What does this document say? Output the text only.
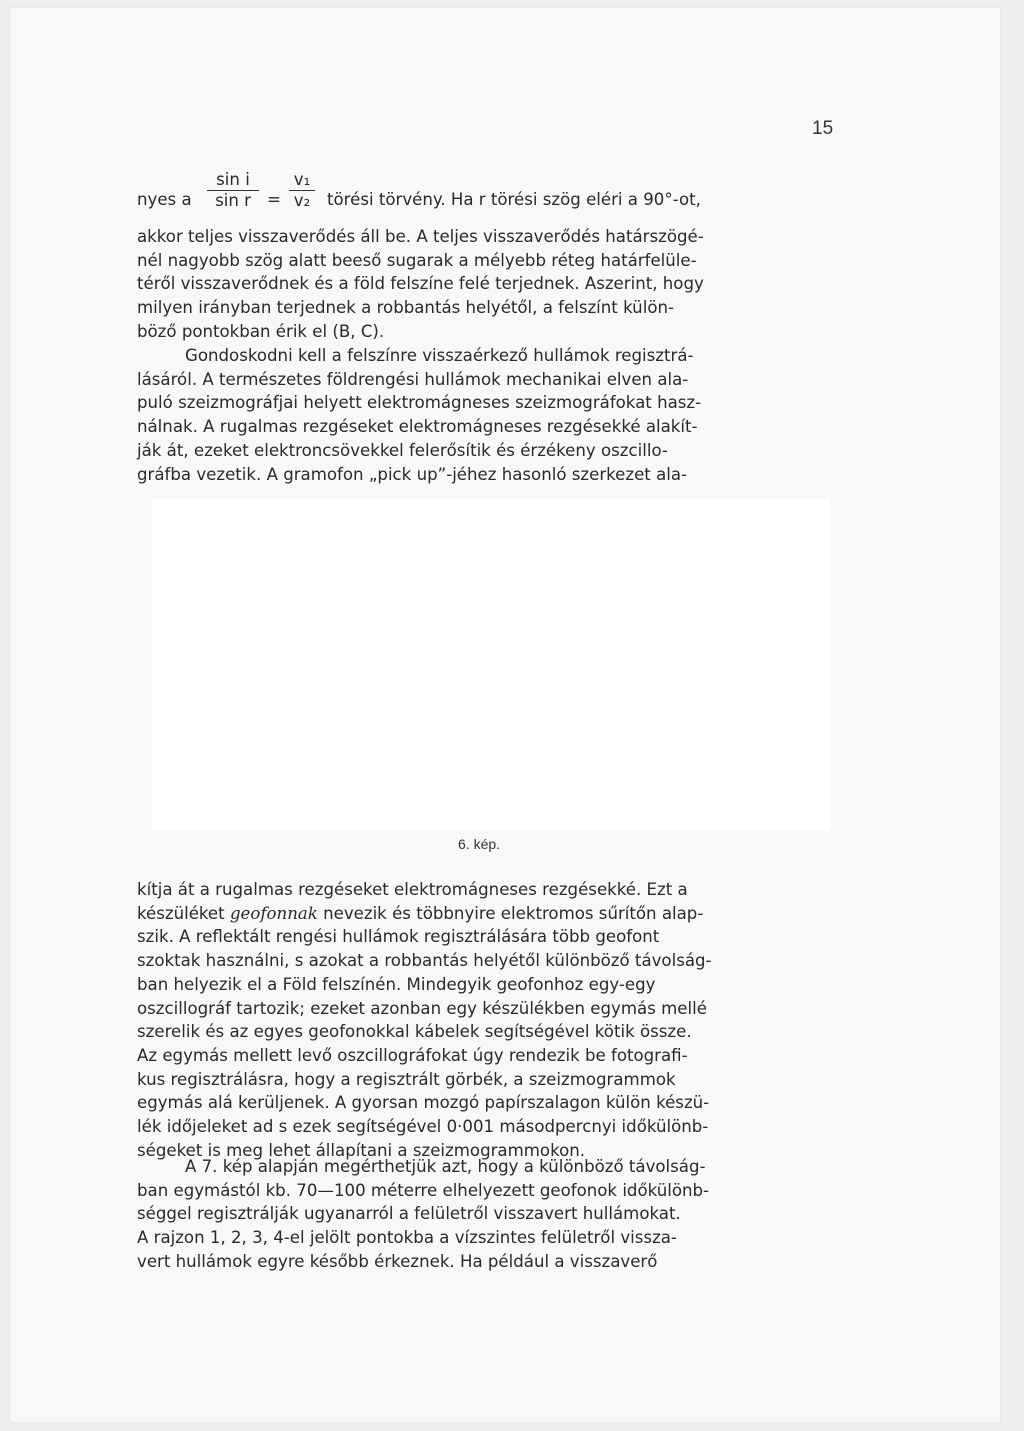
15
nyes a
sin i
sin r =
v₁
v₂ törési törvény. Ha r törési szög eléri a 90°-ot,

akkor teljes visszaverődés áll be. A teljes visszaverődés határszögé-

nél nagyobb szög alatt beeső sugarak a mélyebb réteg határfelüle-

téről visszaverődnek és a föld felszíne felé terjednek. Aszerint, hogy

milyen irányban terjednek a robbantás helyétől, a felszínt külön-

böző pontokban érik el (B, C).

Gondoskodni kell a felszínre visszaérkező hullámok regisztrá-

lásáról. A természetes földrengési hullámok mechanikai elven ala-

puló szeizmográfjai helyett elektromágneses szeizmográfokat hasz-

nálnak. A rugalmas rezgéseket elektromágneses rezgésekké alakít-

ják át, ezeket elektroncsövekkel felerősítik és érzékeny oszcillo-

gráfba vezetik. A gramofon „pick up”-jéhez hasonló szerkezet ala-

6. kép.

kítja át a rugalmas rezgéseket elektromágneses rezgésekké. Ezt a

készüléket geofonnak nevezik és többnyire elektromos sűrítőn alap-

szik. A reflektált rengési hullámok regisztrálására több geofont

szoktak használni, s azokat a robbantás helyétől különböző távolság-

ban helyezik el a Föld felszínén. Mindegyik geofonhoz egy-egy

oszcillográf tartozik; ezeket azonban egy készülékben egymás mellé

szerelik és az egyes geofonokkal kábelek segítségével kötik össze.

Az egymás mellett levő oszcillográfokat úgy rendezik be fotografi-

kus regisztrálásra, hogy a regisztrált görbék, a szeizmogrammok

egymás alá kerüljenek. A gyorsan mozgó papírszalagon külön készü-

lék időjeleket ad s ezek segítségével 0·001 másodpercnyi időkülönb-

ségeket is meg lehet állapítani a szeizmogrammokon.

A 7. kép alapján megérthetjük azt, hogy a különböző távolság-

ban egymástól kb. 70—100 méterre elhelyezett geofonok időkülönb-

séggel regisztrálják ugyanarról a felületről visszavert hullámokat.

A rajzon 1, 2, 3, 4-el jelölt pontokba a vízszintes felületről vissza-

vert hullámok egyre később érkeznek. Ha például a visszaverő
